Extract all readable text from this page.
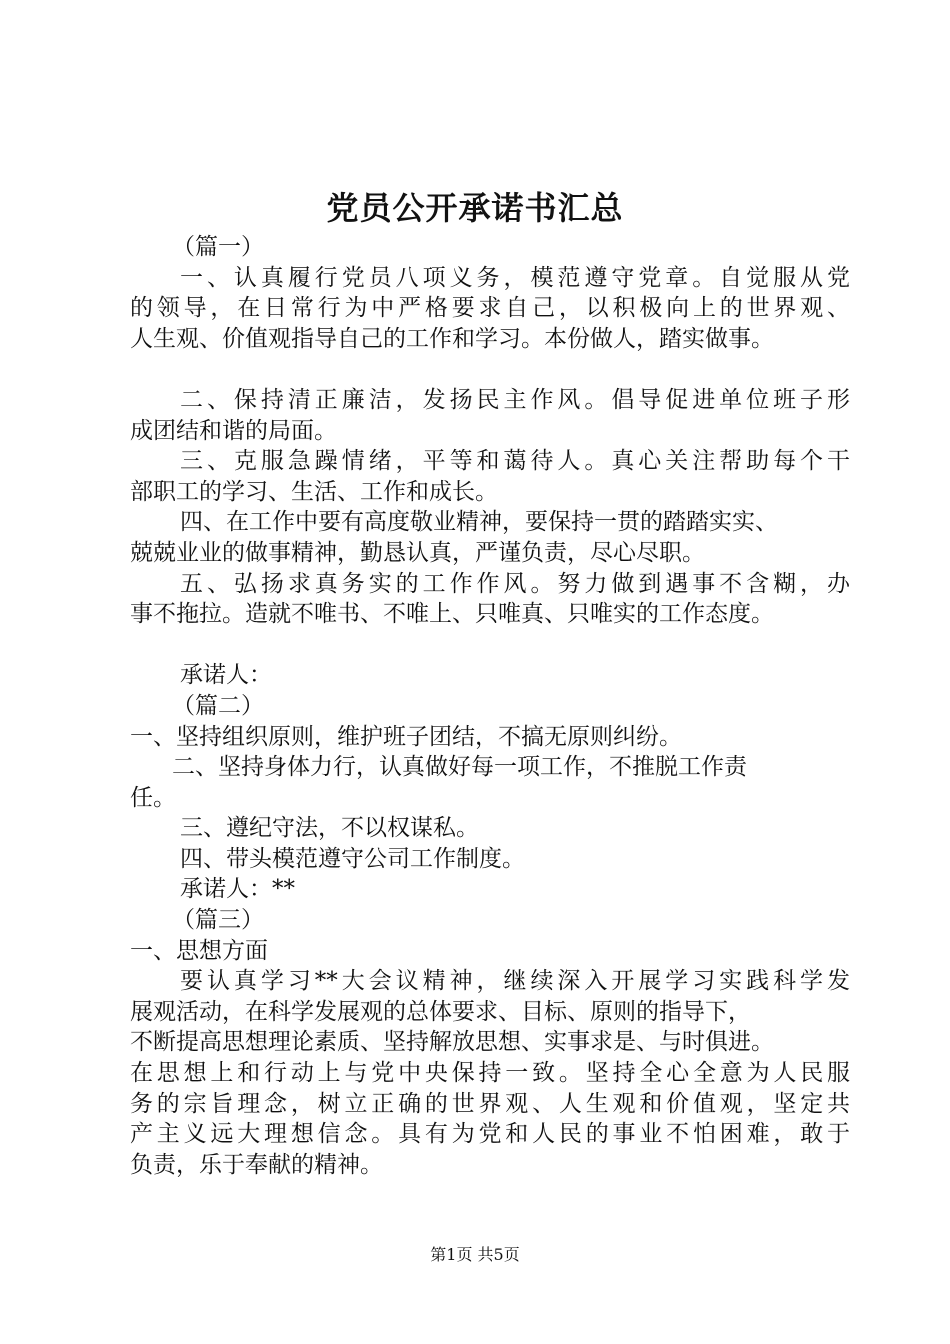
党员公开承诺书汇总
（篇一）
一、认真履行党员八项义务，模范遵守党章。自觉服从党
的领导，在日常行为中严格要求自己，以积极向上的世界观、
人生观、价值观指导自己的工作和学习。本份做人，踏实做事。
二、保持清正廉洁，发扬民主作风。倡导促进单位班子形
成团结和谐的局面。
三、克服急躁情绪，平等和蔼待人。真心关注帮助每个干
部职工的学习、生活、工作和成长。
四、在工作中要有高度敬业精神，要保持一贯的踏踏实实、
兢兢业业的做事精神，勤恳认真，严谨负责，尽心尽职。
五、弘扬求真务实的工作作风。努力做到遇事不含糊，办
事不拖拉。造就不唯书、不唯上、只唯真、只唯实的工作态度。
承诺人：
（篇二）
一、坚持组织原则，维护班子团结，不搞无原则纠纷。
二、坚持身体力行，认真做好每一项工作，不推脱工作责
任。
三、遵纪守法，不以权谋私。
四、带头模范遵守公司工作制度。
承诺人：**
（篇三）
一、思想方面
要认真学习**大会议精神，继续深入开展学习实践科学发
展观活动，在科学发展观的总体要求、目标、原则的指导下，
不断提高思想理论素质、坚持解放思想、实事求是、与时俱进。
在思想上和行动上与党中央保持一致。坚持全心全意为人民服
务的宗旨理念，树立正确的世界观、人生观和价值观，坚定共
产主义远大理想信念。具有为党和人民的事业不怕困难，敢于
负责，乐于奉献的精神。
第1页 共5页
